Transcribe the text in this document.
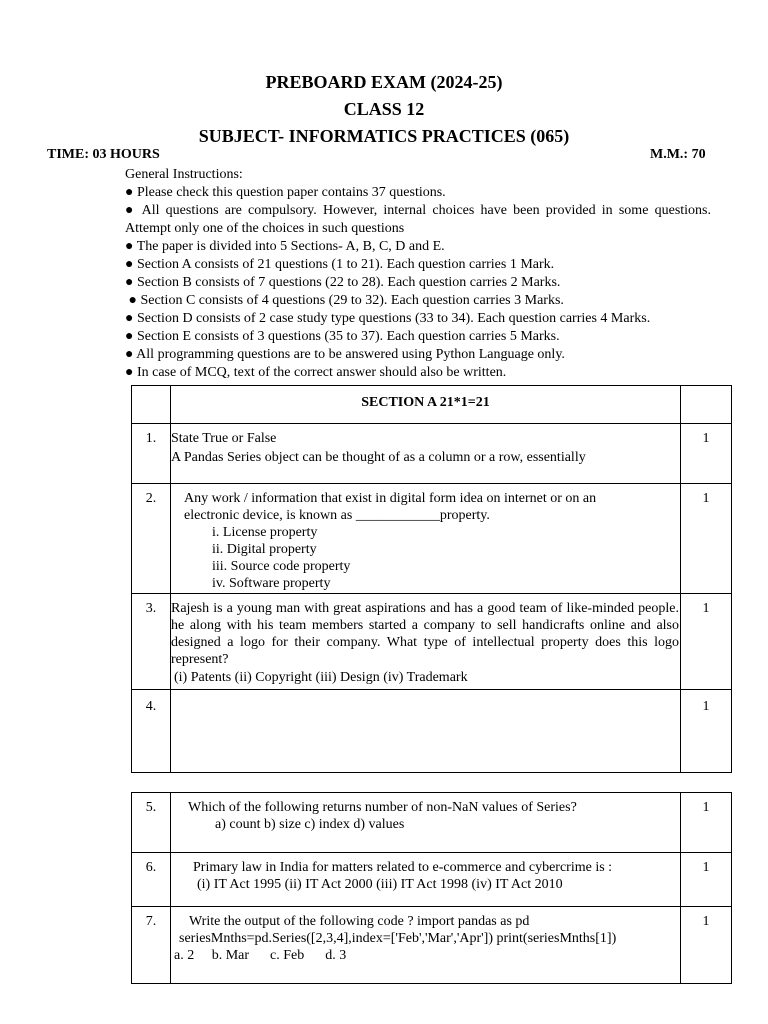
PREBOARD EXAM (2024-25)
CLASS 12
SUBJECT- INFORMATICS PRACTICES (065)
TIME: 03 HOURS	M.M.: 70
General Instructions:
● Please check this question paper contains 37 questions.
● All questions are compulsory. However, internal choices have been provided in some questions. Attempt only one of the choices in such questions
● The paper is divided into 5 Sections- A, B, C, D and E.
● Section A consists of 21 questions (1 to 21). Each question carries 1 Mark.
● Section B consists of 7 questions (22 to 28). Each question carries 2 Marks.
● Section C consists of 4 questions (29 to 32). Each question carries 3 Marks.
● Section D consists of 2 case study type questions (33 to 34). Each question carries 4 Marks.
● Section E consists of 3 questions (35 to 37). Each question carries 5 Marks.
● All programming questions are to be answered using Python Language only.
● In case of MCQ, text of the correct answer should also be written.
	SECTION A 21*1=21	
1.	State True or False
A Pandas Series object can be thought of as a column or a row, essentially	1
2.	Any work / information that exist in digital form idea on internet or on an electronic device, is known as ____________property.
i. License property
ii. Digital property
iii. Source code property
iv. Software property	1
3.	Rajesh is a young man with great aspirations and has a good team of like-minded people. he along with his team members started a company to sell handicrafts online and also designed a logo for their company. What type of intellectual property does this logo represent?
(i) Patents (ii) Copyright (iii) Design (iv) Trademark	1
4.		1
5.	Which of the following returns number of non-NaN values of Series?
a) count b) size c) index d) values	1
6.	Primary law in India for matters related to e-commerce and cybercrime is :
(i) IT Act 1995 (ii) IT Act 2000 (iii) IT Act 1998 (iv) IT Act 2010	1
7.	Write the output of the following code ? import pandas as pd
seriesMnths=pd.Series([2,3,4],index=['Feb','Mar','Apr']) print(seriesMnths[1])
a. 2     b. Mar      c. Feb      d. 3	1
